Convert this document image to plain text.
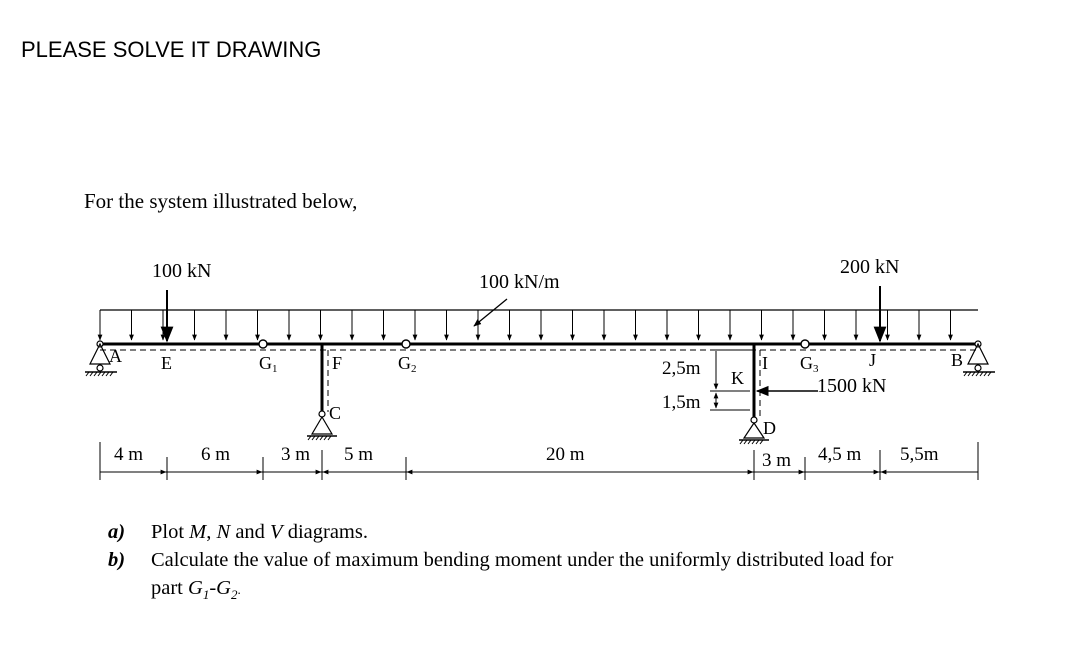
PLEASE SOLVE IT DRAWING
For the system illustrated below,
100 kN	100 kN/m
200 kN
1500 kN
A E	G1	F	G2
C
I
K
G3	J	B
D
2,5m
1,5m
4 m	6 m	3 m 5 m	20 m	3 m 4,5 m 5,5m
a) Plot M, N and V diagrams.
b) Calculate the value of maximum bending moment under the uniformly distributed load for
part $G_1-G_2$.
